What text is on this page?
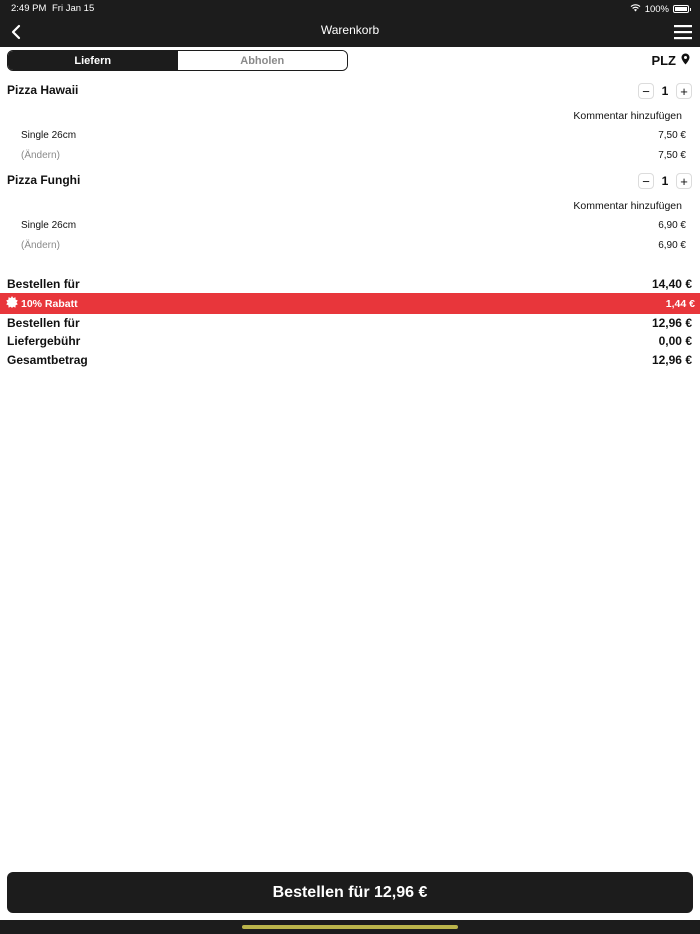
2:49 PM Fri Jan 15	100%
Warenkorb
Liefern	Abholen	PLZ
Pizza Hawaii	− 1 +
Kommentar hinzufügen
Single 26cm	7,50 €
(Ändern)	7,50 €
Pizza Funghi	− 1 +
Kommentar hinzufügen
Single 26cm	6,90 €
(Ändern)	6,90 €
Bestellen für	14,40 €
10% Rabatt	1,44 €
Bestellen für	12,96 €
Liefergebühr	0,00 €
Gesamtbetrag	12,96 €
Bestellen für 12,96 €
